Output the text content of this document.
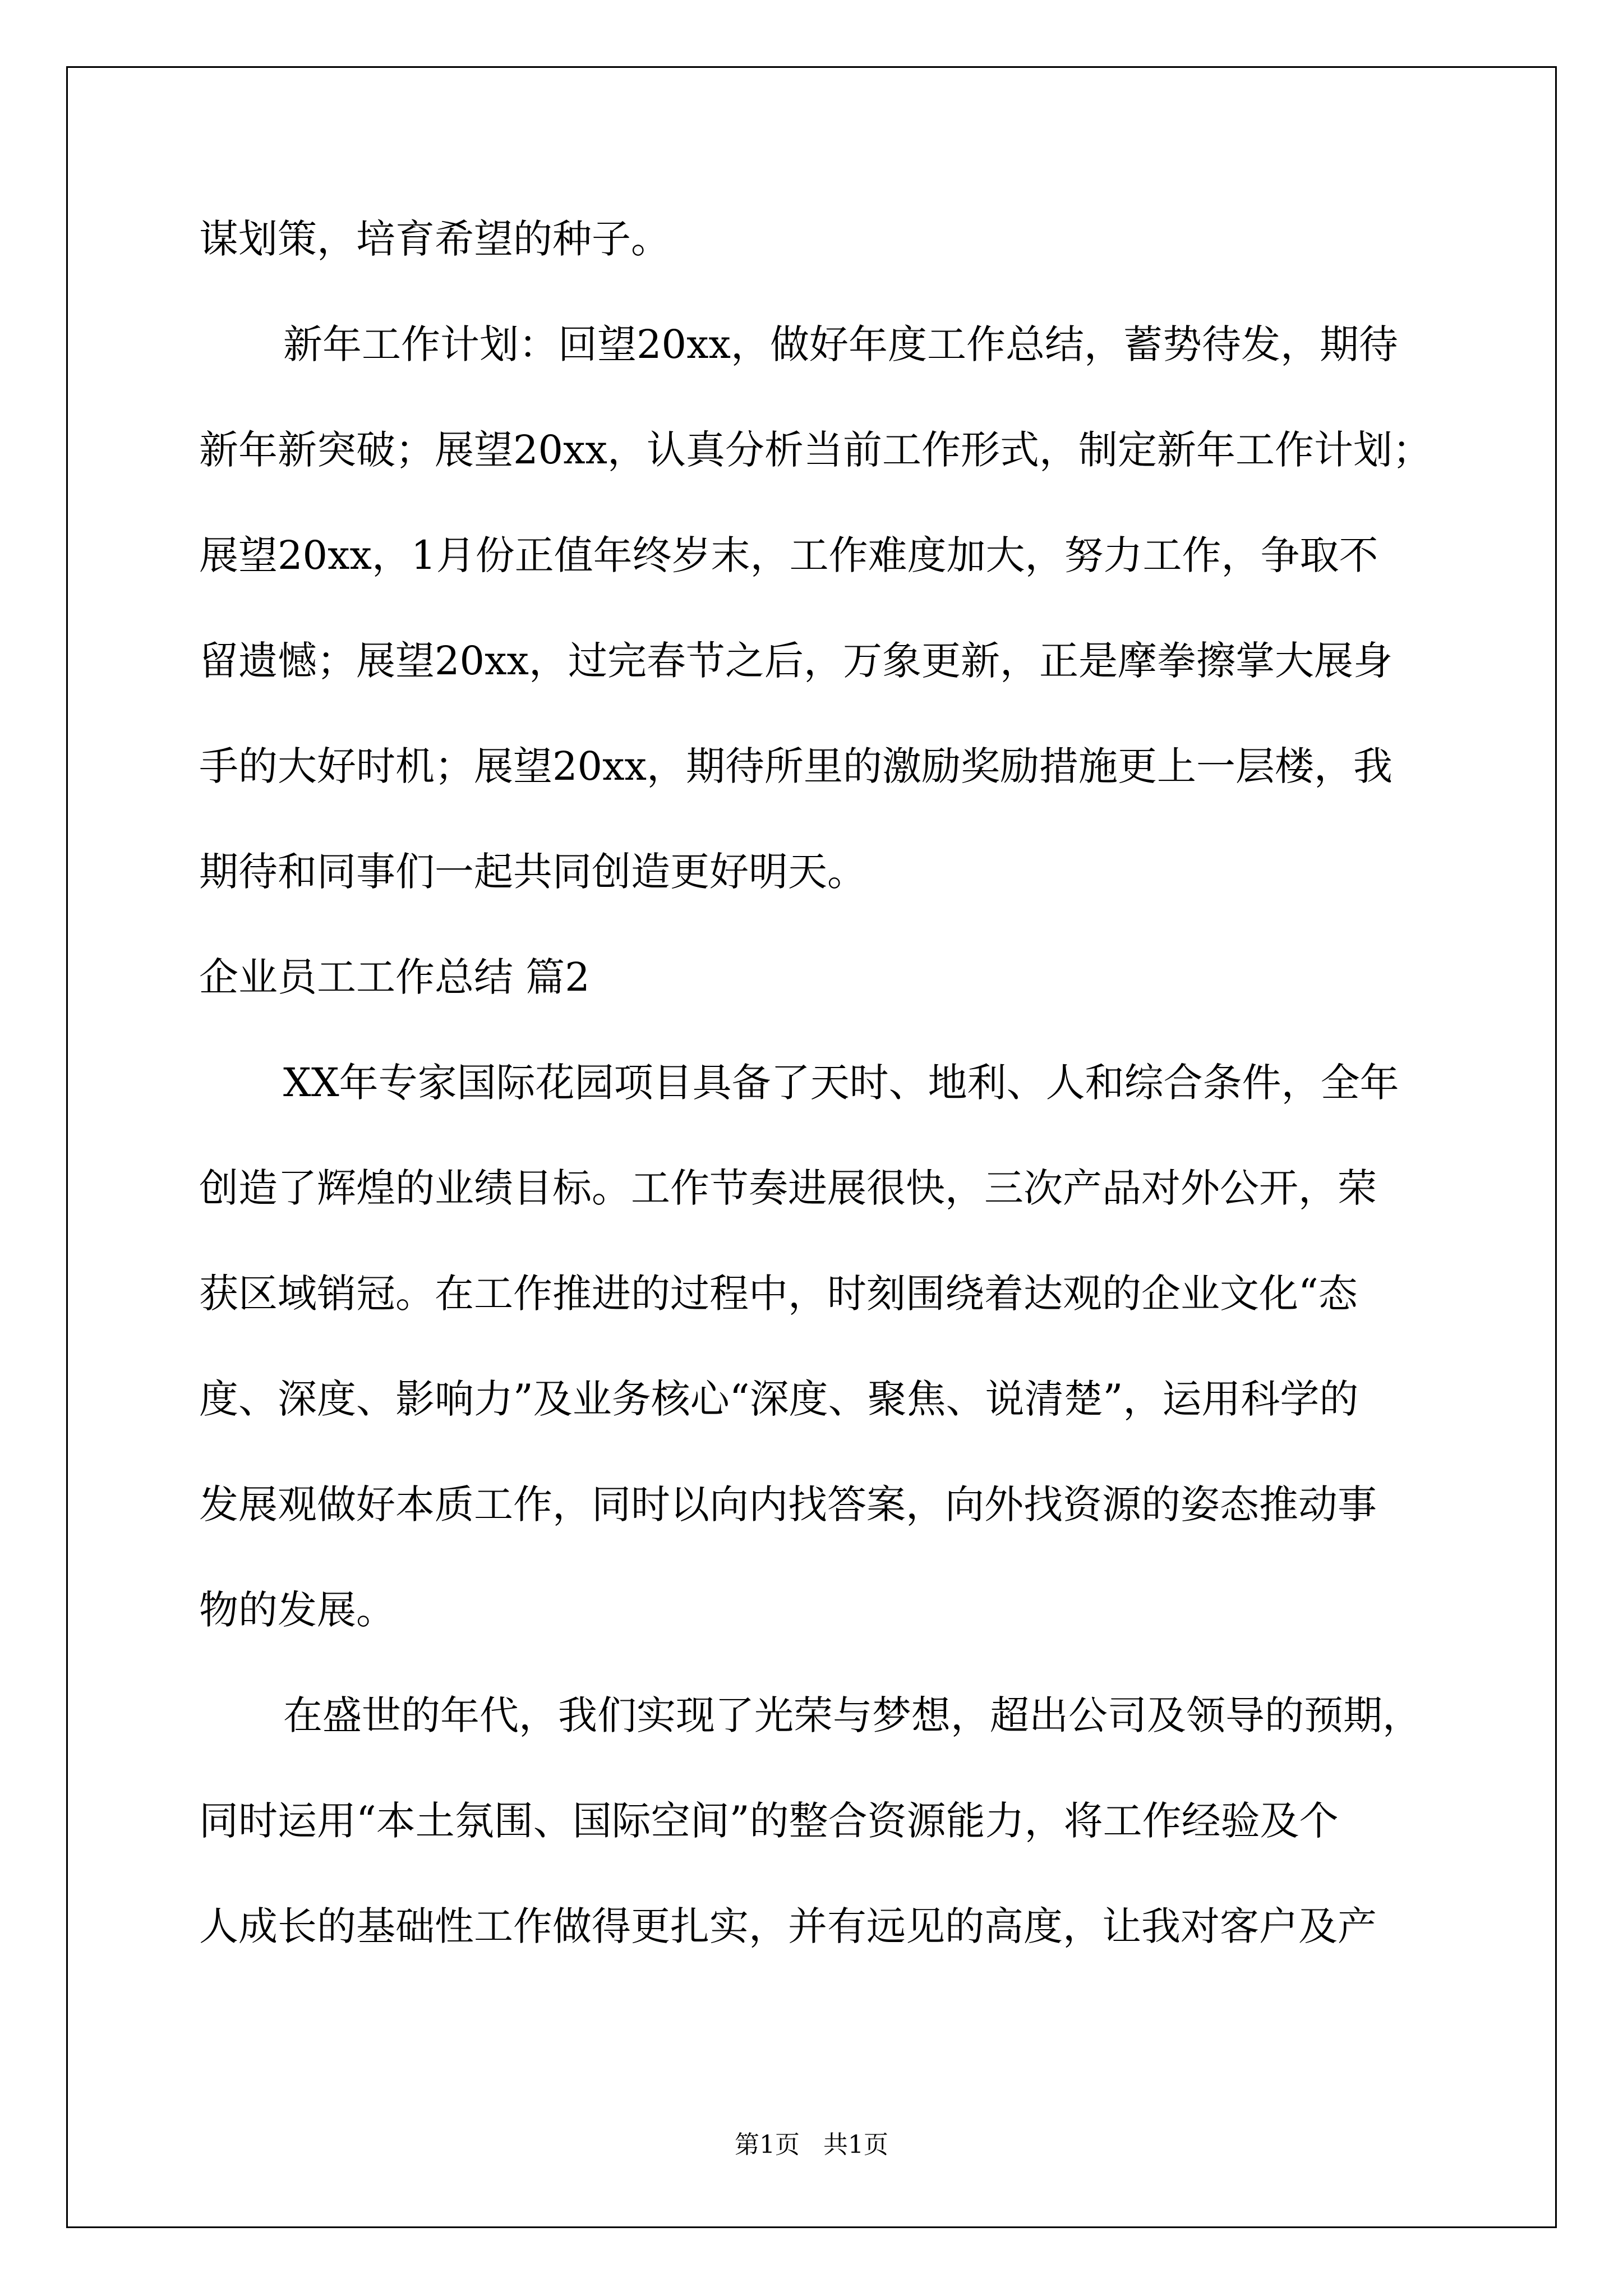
谋划策，培育希望的种子。
新年工作计划：回望20xx，做好年度工作总结，蓄势待发，期待
新年新突破；展望20xx，认真分析当前工作形式，制定新年工作计划；
展望20xx，1月份正值年终岁末，工作难度加大，努力工作，争取不
留遗憾；展望20xx，过完春节之后，万象更新，正是摩拳擦掌大展身
手的大好时机；展望20xx，期待所里的激励奖励措施更上一层楼，我
期待和同事们一起共同创造更好明天。
企业员工工作总结 篇2
XX年专家国际花园项目具备了天时、地利、人和综合条件，全年
创造了辉煌的业绩目标。工作节奏进展很快，三次产品对外公开，荣
获区域销冠。在工作推进的过程中，时刻围绕着达观的企业文化“态
度、深度、影响力”及业务核心“深度、聚焦、说清楚”，运用科学的
发展观做好本质工作，同时以向内找答案，向外找资源的姿态推动事
物的发展。
在盛世的年代，我们实现了光荣与梦想，超出公司及领导的预期，
同时运用“本土氛围、国际空间”的整合资源能力，将工作经验及个
人成长的基础性工作做得更扎实，并有远见的高度，让我对客户及产
第1页   共1页
